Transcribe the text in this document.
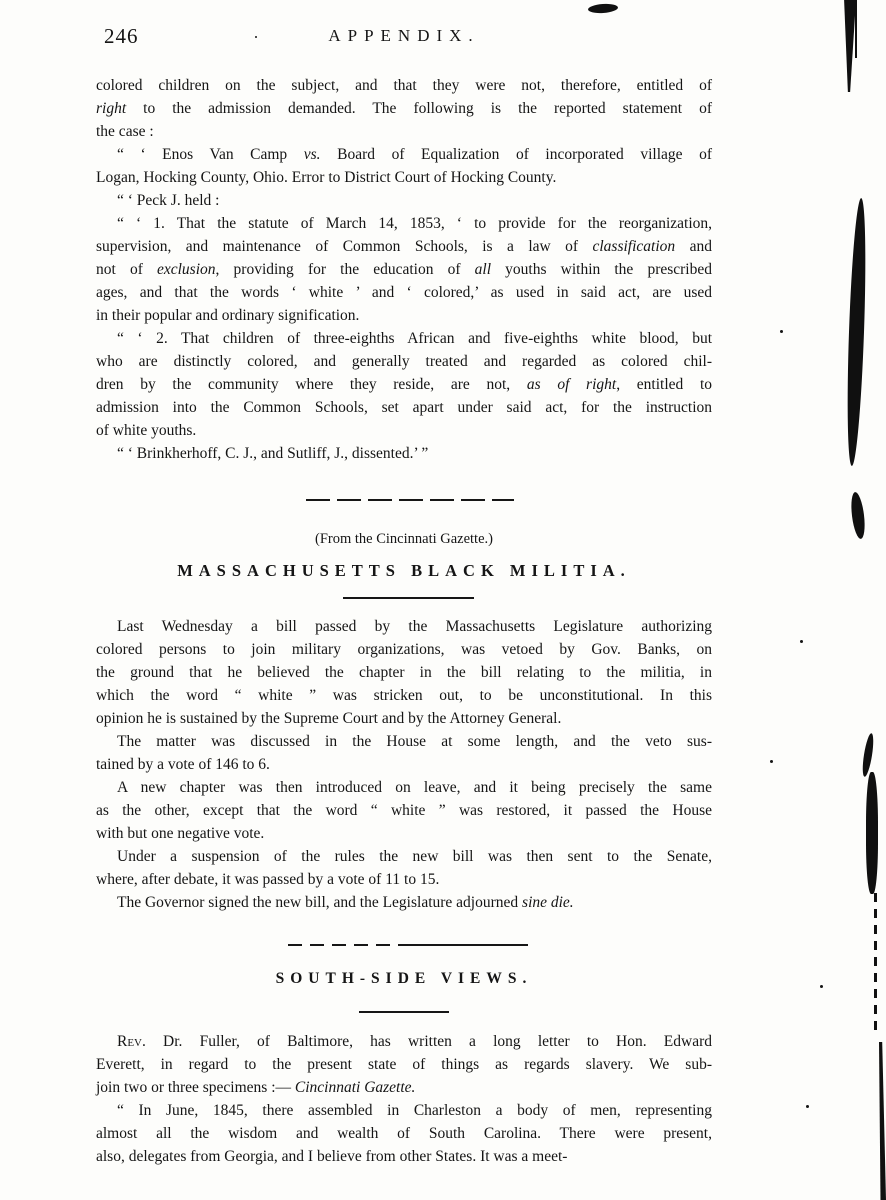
246	APPENDIX.
colored children on the subject, and that they were not, therefore, entitled of
right to the admission demanded. The following is the reported statement of
the case :
“ ‘ Enos Van Camp vs. Board of Equalization of incorporated village of
Logan, Hocking County, Ohio. Error to District Court of Hocking County.
“ ‘ Peck J. held :
“ ‘ 1. That the statute of March 14, 1853, ‘ to provide for the reorganization,
supervision, and maintenance of Common Schools, is a law of classification and
not of exclusion, providing for the education of all youths within the prescribed
ages, and that the words ‘ white ’ and ‘ colored,’ as used in said act, are used
in their popular and ordinary signification.
“ ‘ 2. That children of three-eighths African and five-eighths white blood, but
who are distinctly colored, and generally treated and regarded as colored chil-
dren by the community where they reside, are not, as of right, entitled to
admission into the Common Schools, set apart under said act, for the instruction
of white youths.
“ ‘ Brinkherhoff, C. J., and Sutliff, J., dissented.’ ”
(From the Cincinnati Gazette.)
MASSACHUSETTS BLACK MILITIA.
Last Wednesday a bill passed by the Massachusetts Legislature authorizing
colored persons to join military organizations, was vetoed by Gov. Banks, on
the ground that he believed the chapter in the bill relating to the militia, in
which the word “ white ” was stricken out, to be unconstitutional. In this
opinion he is sustained by the Supreme Court and by the Attorney General.
The matter was discussed in the House at some length, and the veto sus-
tained by a vote of 146 to 6.
A new chapter was then introduced on leave, and it being precisely the same
as the other, except that the word “ white ” was restored, it passed the House
with but one negative vote.
Under a suspension of the rules the new bill was then sent to the Senate,
where, after debate, it was passed by a vote of 11 to 15.
The Governor signed the new bill, and the Legislature adjourned sine die.
SOUTH-SIDE VIEWS.
Rev. Dr. Fuller, of Baltimore, has written a long letter to Hon. Edward
Everett, in regard to the present state of things as regards slavery. We sub-
join two or three specimens :— Cincinnati Gazette.
“ In June, 1845, there assembled in Charleston a body of men, representing
almost all the wisdom and wealth of South Carolina. There were present,
also, delegates from Georgia, and I believe from other States. It was a meet-
